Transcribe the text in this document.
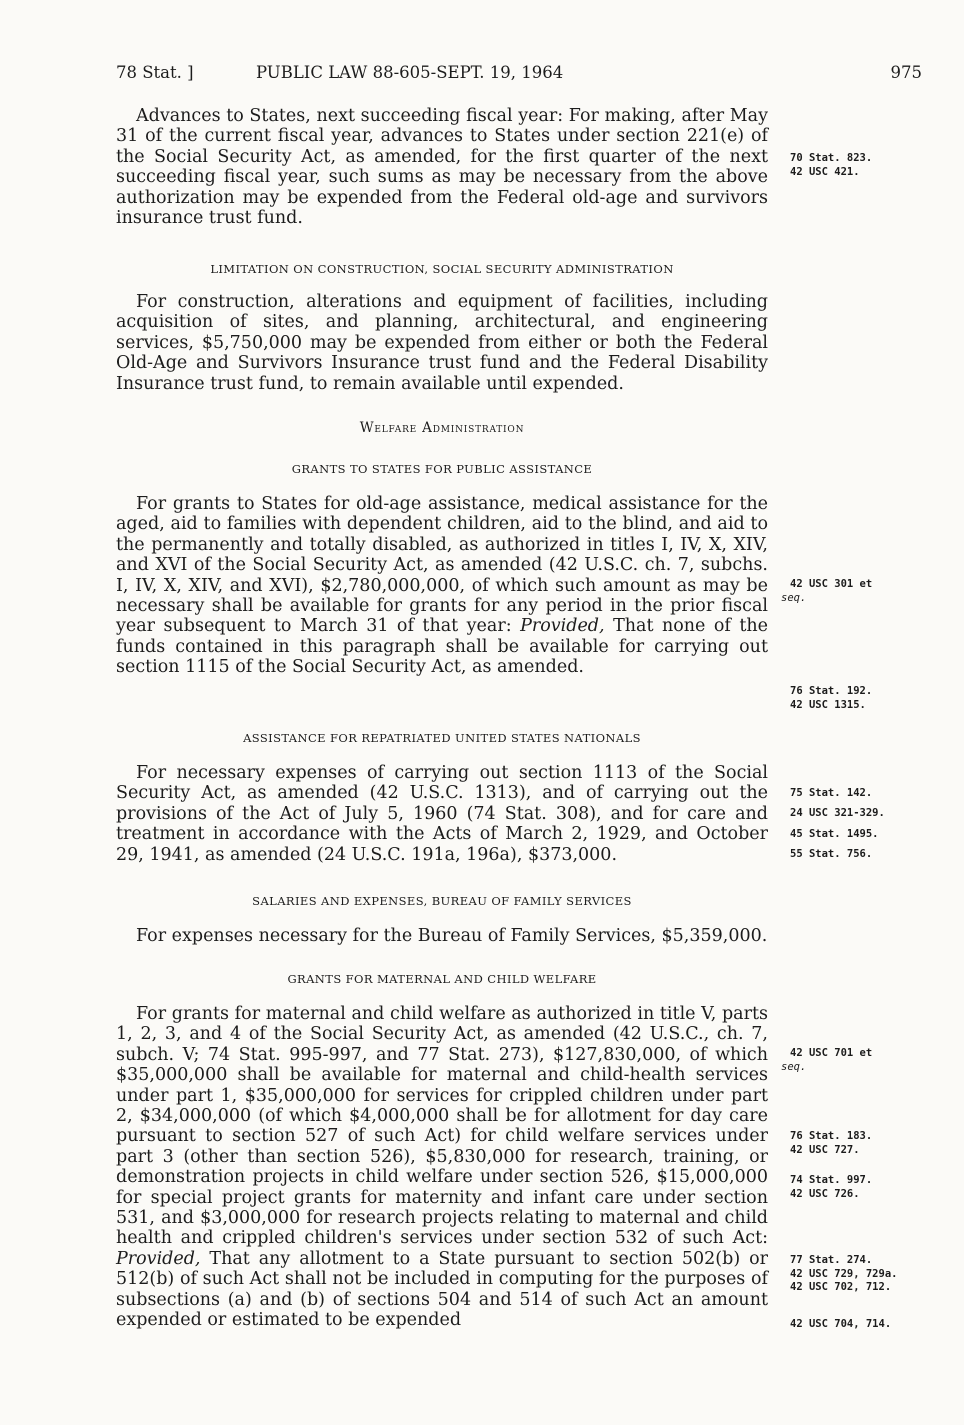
78 Stat. ]	PUBLIC LAW 88-605-SEPT. 19, 1964	975

Advances to States, next succeeding fiscal year: For making, after May 31 of the current fiscal year, advances to States under section 221(e) of the Social Security Act, as amended, for the first quarter of the next succeeding fiscal year, such sums as may be necessary from the above authorization may be expended from the Federal old-age and survivors insurance trust fund.

LIMITATION ON CONSTRUCTION, SOCIAL SECURITY ADMINISTRATION

For construction, alterations and equipment of facilities, including acquisition of sites, and planning, architectural, and engineering services, $5,750,000 may be expended from either or both the Federal Old-Age and Survivors Insurance trust fund and the Federal Disability Insurance trust fund, to remain available until expended.

Welfare Administration
GRANTS TO STATES FOR PUBLIC ASSISTANCE

For grants to States for old-age assistance, medical assistance for the aged, aid to families with dependent children, aid to the blind, and aid to the permanently and totally disabled, as authorized in titles I, IV, X, XIV, and XVI of the Social Security Act, as amended (42 U.S.C. ch. 7, subchs. I, IV, X, XIV, and XVI), $2,780,000,000, of which such amount as may be necessary shall be available for grants for any period in the prior fiscal year subsequent to March 31 of that year: Provided, That none of the funds contained in this paragraph shall be available for carrying out section 1115 of the Social Security Act, as amended.

ASSISTANCE FOR REPATRIATED UNITED STATES NATIONALS

For necessary expenses of carrying out section 1113 of the Social Security Act, as amended (42 U.S.C. 1313), and of carrying out the provisions of the Act of July 5, 1960 (74 Stat. 308), and for care and treatment in accordance with the Acts of March 2, 1929, and October 29, 1941, as amended (24 U.S.C. 191a, 196a), $373,000.

SALARIES AND EXPENSES, BUREAU OF FAMILY SERVICES

For expenses necessary for the Bureau of Family Services, $5,359,000.

GRANTS FOR MATERNAL AND CHILD WELFARE

For grants for maternal and child welfare as authorized in title V, parts 1, 2, 3, and 4 of the Social Security Act, as amended (42 U.S.C., ch. 7, subch. V; 74 Stat. 995-997, and 77 Stat. 273), $127,830,000, of which $35,000,000 shall be available for maternal and child-health services under part 1, $35,000,000 for services for crippled children under part 2, $34,000,000 (of which $4,000,000 shall be for allotment for day care pursuant to section 527 of such Act) for child welfare services under part 3 (other than section 526), $5,830,000 for research, training, or demonstration projects in child welfare under section 526, $15,000,000 for special project grants for maternity and infant care under section 531, and $3,000,000 for research projects relating to maternal and child health and crippled children's services under section 532 of such Act: Provided, That any allotment to a State pursuant to section 502(b) or 512(b) of such Act shall not be included in computing for the purposes of subsections (a) and (b) of sections 504 and 514 of such Act an amount expended or estimated to be expended

70 Stat. 823.
42 USC 421.
42 USC 301 et
seq.
76 Stat. 192.
42 USC 1315.
75 Stat. 142.
24 USC 321-329.
45 Stat. 1495.
55 Stat. 756.
42 USC 701 et
seq.
76 Stat. 183.
42 USC 727.
74 Stat. 997.
42 USC 726.
77 Stat. 274.
42 USC 729, 729a.
42 USC 702, 712.
42 USC 704, 714.
